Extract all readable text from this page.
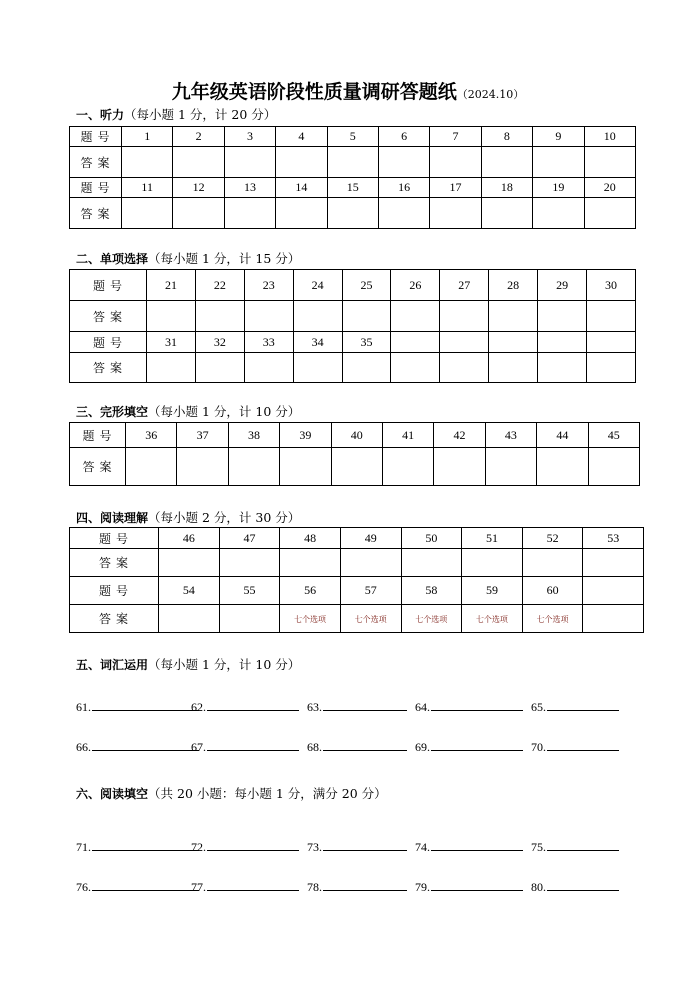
九年级英语阶段性质量调研答题纸（2024.10）
一、听力（每小题 1 分，计 20 分）
题 号	1	2	3	4	5	6	7	8	9	10
答 案										
题 号	11	12	13	14	15	16	17	18	19	20
答 案										
二、单项选择（每小题 1 分，计 15 分）
题 号	21	22	23	24	25	26	27	28	29	30
答 案										
题 号	31	32	33	34	35					
答 案										
三、完形填空（每小题 1 分，计 10 分）
题 号	36	37	38	39	40	41	42	43	44	45
答 案										
四、阅读理解（每小题 2 分，计 30 分）
题 号	46	47	48	49	50	51	52	53
答 案								
题 号	54	55	56	57	58	59	60	
答 案			七个选项	七个选项	七个选项	七个选项	七个选项	
五、词汇运用（每小题 1 分，计 10 分）
61.	62.	63.	64.	65.
66.	67.	68.	69.	70.
六、阅读填空（共 20 小题：每小题 1 分，满分 20 分）
71.	72.	73.	74.	75.
76.	77.	78.	79.	80.
